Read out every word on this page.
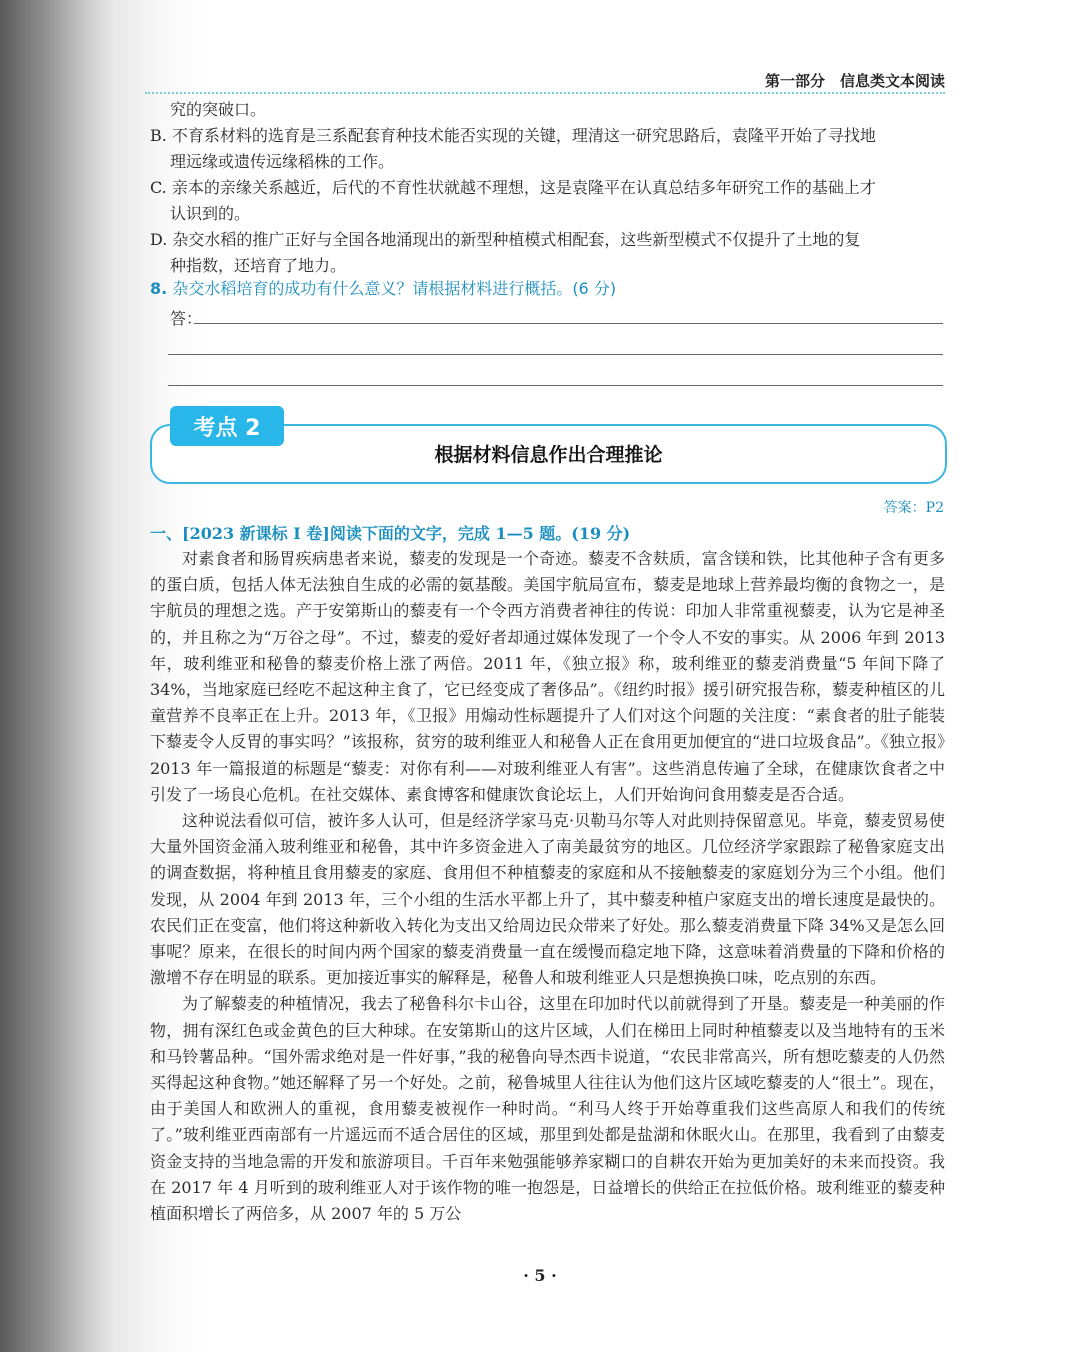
第一部分　信息类文本阅读
究的突破口。
B. 不育系材料的选育是三系配套育种技术能否实现的关键，理清这一研究思路后，袁隆平开始了寻找地
理远缘或遗传远缘稻株的工作。
C. 亲本的亲缘关系越近，后代的不育性状就越不理想，这是袁隆平在认真总结多年研究工作的基础上才
认识到的。
D. 杂交水稻的推广正好与全国各地涌现出的新型种植模式相配套，这些新型模式不仅提升了土地的复
种指数，还培育了地力。
8. 杂交水稻培育的成功有什么意义？请根据材料进行概括。(6 分)
答：
考点 2
根据材料信息作出合理推论
答案：P2
一、[2023 新课标 Ⅰ 卷]阅读下面的文字，完成 1—5 题。(19 分)

对素食者和肠胃疾病患者来说，藜麦的发现是一个奇迹。藜麦不含麸质，富含镁和铁，比其他种子含有更多的蛋白质，包括人体无法独自生成的必需的氨基酸。美国宇航局宣布，藜麦是地球上营养最均衡的食物之一，是宇航员的理想之选。产于安第斯山的藜麦有一个令西方消费者神往的传说：印加人非常重视藜麦，认为它是神圣的，并且称之为“万谷之母”。不过，藜麦的爱好者却通过媒体发现了一个令人不安的事实。从 2006 年到 2013 年，玻利维亚和秘鲁的藜麦价格上涨了两倍。2011 年，《独立报》称，玻利维亚的藜麦消费量“5 年间下降了 34%，当地家庭已经吃不起这种主食了，它已经变成了奢侈品”。《纽约时报》援引研究报告称，藜麦种植区的儿童营养不良率正在上升。2013 年，《卫报》用煽动性标题提升了人们对这个问题的关注度：“素食者的肚子能装下藜麦令人反胃的事实吗？”该报称，贫穷的玻利维亚人和秘鲁人正在食用更加便宜的“进口垃圾食品”。《独立报》2013 年一篇报道的标题是“藜麦：对你有利——对玻利维亚人有害”。这些消息传遍了全球，在健康饮食者之中引发了一场良心危机。在社交媒体、素食博客和健康饮食论坛上，人们开始询问食用藜麦是否合适。

这种说法看似可信，被许多人认可，但是经济学家马克·贝勒马尔等人对此则持保留意见。毕竟，藜麦贸易使大量外国资金涌入玻利维亚和秘鲁，其中许多资金进入了南美最贫穷的地区。几位经济学家跟踪了秘鲁家庭支出的调查数据，将种植且食用藜麦的家庭、食用但不种植藜麦的家庭和从不接触藜麦的家庭划分为三个小组。他们发现，从 2004 年到 2013 年，三个小组的生活水平都上升了，其中藜麦种植户家庭支出的增长速度是最快的。农民们正在变富，他们将这种新收入转化为支出又给周边民众带来了好处。那么藜麦消费量下降 34%又是怎么回事呢？原来，在很长的时间内两个国家的藜麦消费量一直在缓慢而稳定地下降，这意味着消费量的下降和价格的激增不存在明显的联系。更加接近事实的解释是，秘鲁人和玻利维亚人只是想换换口味，吃点别的东西。

为了解藜麦的种植情况，我去了秘鲁科尔卡山谷，这里在印加时代以前就得到了开垦。藜麦是一种美丽的作物，拥有深红色或金黄色的巨大种球。在安第斯山的这片区域，人们在梯田上同时种植藜麦以及当地特有的玉米和马铃薯品种。“国外需求绝对是一件好事，”我的秘鲁向导杰西卡说道，“农民非常高兴，所有想吃藜麦的人仍然买得起这种食物。”她还解释了另一个好处。之前，秘鲁城里人往往认为他们这片区域吃藜麦的人“很土”。现在，由于美国人和欧洲人的重视，食用藜麦被视作一种时尚。“利马人终于开始尊重我们这些高原人和我们的传统了。”玻利维亚西南部有一片遥远而不适合居住的区域，那里到处都是盐湖和休眠火山。在那里，我看到了由藜麦资金支持的当地急需的开发和旅游项目。千百年来勉强能够养家糊口的自耕农开始为更加美好的未来而投资。我在 2017 年 4 月听到的玻利维亚人对于该作物的唯一抱怨是，日益增长的供给正在拉低价格。玻利维亚的藜麦种植面积增长了两倍多，从 2007 年的 5 万公

· 5 ·
